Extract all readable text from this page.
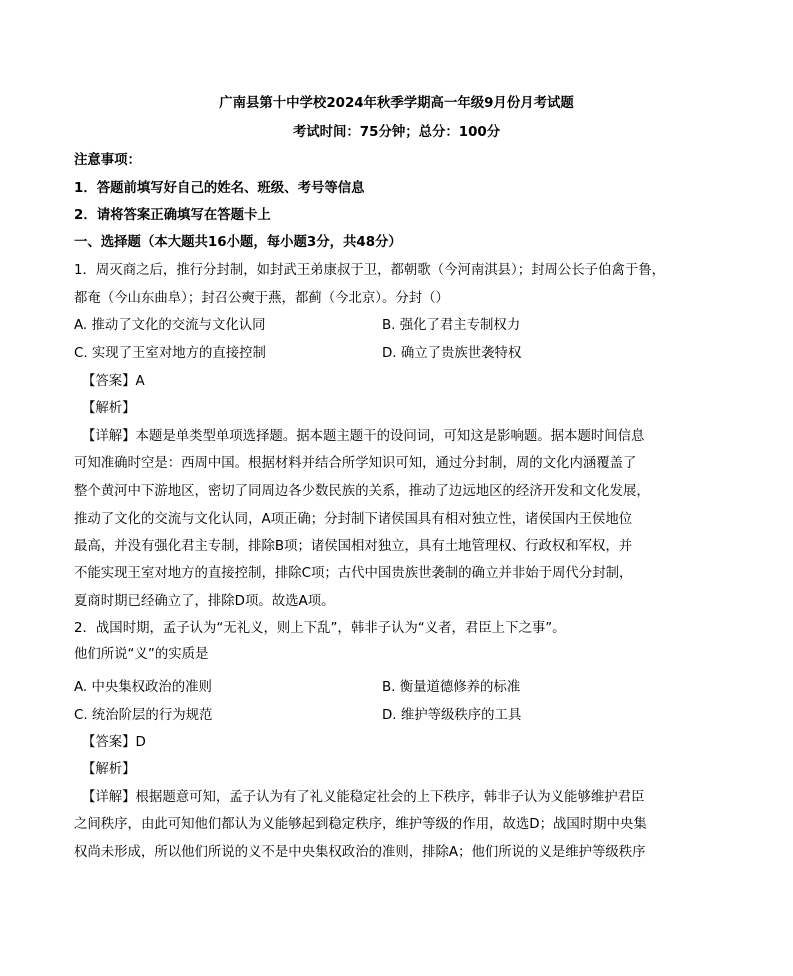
广南县第十中学校2024年秋季学期高一年级9月份月考试题
考试时间：75分钟；总分：100分
注意事项：
1．答题前填写好自己的姓名、班级、考号等信息
2．请将答案正确填写在答题卡上
一、选择题（本大题共16小题，每小题3分，共48分）
1．周灭商之后，推行分封制，如封武王弟康叔于卫，都朝歌（今河南淇县）；封周公长子伯禽于鲁，
都奄（今山东曲阜）；封召公奭于燕，都蓟（今北京）。分封（）
A. 推动了文化的交流与文化认同	B. 强化了君主专制权力
C. 实现了王室对地方的直接控制	D. 确立了贵族世袭特权
【答案】A
【解析】
【详解】本题是单类型单项选择题。据本题主题干的设问词，可知这是影响题。据本题时间信息
可知准确时空是：西周中国。根据材料并结合所学知识可知，通过分封制，周的文化内涵覆盖了
整个黄河中下游地区，密切了同周边各少数民族的关系，推动了边远地区的经济开发和文化发展，
推动了文化的交流与文化认同，A项正确；分封制下诸侯国具有相对独立性，诸侯国内王侯地位
最高，并没有强化君主专制，排除B项；诸侯国相对独立，具有土地管理权、行政权和军权，并
不能实现王室对地方的直接控制，排除C项；古代中国贵族世袭制的确立并非始于周代分封制，
夏商时期已经确立了，排除D项。故选A项。
2．战国时期，孟子认为“无礼义，则上下乱”，韩非子认为“义者，君臣上下之事”。
他们所说“义”的实质是
A. 中央集权政治的准则	B. 衡量道德修养的标准
C. 统治阶层的行为规范	D. 维护等级秩序的工具
【答案】D
【解析】
【详解】根据题意可知，孟子认为有了礼义能稳定社会的上下秩序，韩非子认为义能够维护君臣
之间秩序，由此可知他们都认为义能够起到稳定秩序，维护等级的作用，故选D；战国时期中央集
权尚未形成，所以他们所说的义不是中央集权政治的准则，排除A；他们所说的义是维护等级秩序
